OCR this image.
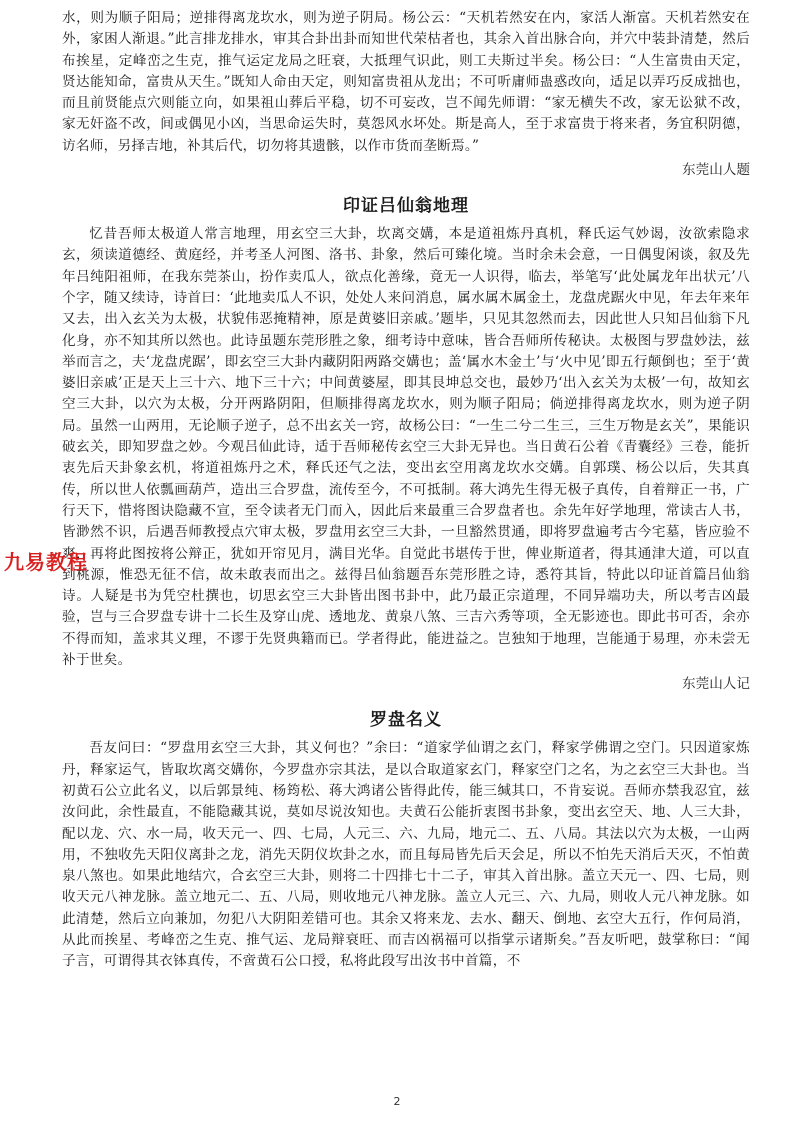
水，则为顺子阳局；逆排得离龙坎水，则为逆子阴局。杨公云：“天机若然安在内，家活人渐富。天机若然安在外，家困人渐退。”此言排龙排水，审其合卦出卦而知世代荣枯者也，其余入首出脉合向，并穴中装卦清楚，然后布挨星，定峰峦之生克，推气运定龙局之旺衰，大抵理气识此，则工夫斯过半矣。杨公曰：“人生富贵由天定，贤达能知命，富贵从天生。”既知人命由天定，则知富贵祖从龙出；不可听庸师蛊惑改向，适足以弄巧反成拙也，而且前贤能点穴则能立向，如果祖山葬后平稳，切不可妄改，岂不闻先师谓：“家无横失不改，家无讼狱不改，家无奸盗不改，间或偶见小凶，当思命运失时，莫怨风水坏处。斯是高人，至于求富贵于将来者，务宜积阴德，访名师，另择吉地，补其后代，切勿将其遗骸，以作市货而垄断焉。”

东莞山人题

印证吕仙翁地理

忆昔吾师太极道人常言地理，用玄空三大卦，坎离交媾，本是道祖炼丹真机，释氏运气妙谒，汝欲索隐求玄，须读道德经、黄庭经，并考圣人河图、洛书、卦象，然后可臻化境。当时余未会意，一日偶叟闲谈，叙及先年吕纯阳祖师，在我东莞茶山，扮作卖瓜人，欲点化善缘，竟无一人识得，临去，举笔写‘此处属龙年出状元’八个字，随又续诗，诗首曰：‘此地卖瓜人不识，处处人来问消息，属水属木属金土，龙盘虎踞火中见，年去年来年又去，出入玄关为太极，状貌伟恶掩精神，原是黄婆旧亲戚。’题毕，只见其忽然而去，因此世人只知吕仙翁下凡化身，亦不知其所以然也。此诗虽题东莞形胜之象，细考诗中意味，皆合吾师所传秘诀。太极图与罗盘妙法，兹举而言之，夫‘龙盘虎踞’，即玄空三大卦内藏阴阳两路交媾也；盖‘属水木金土’与‘火中见’即五行颠倒也；至于‘黄婆旧亲戚’正是天上三十六、地下三十六；中间黄婆屋，即其艮坤总交也，最妙乃‘出入玄关为太极’一句，故知玄空三大卦，以穴为太极，分开两路阴阳，但顺排得离龙坎水，则为顺子阳局；倘逆排得离龙坎水，则为逆子阴局。虽然一山两用，无论顺子逆子，总不出玄关一窍，故杨公曰：“一生二兮二生三，三生万物是玄关”，果能识破玄关，即知罗盘之妙。今观吕仙此诗，适于吾师秘传玄空三大卦无异也。当日黄石公着《青囊经》三卷，能折衷先后天卦象玄机，将道祖炼丹之术，释氏还气之法，变出玄空用离龙坎水交媾。自郭璞、杨公以后，失其真传，所以世人依瓢画葫芦，造出三合罗盘，流传至今，不可抵制。蒋大鸿先生得无极子真传，自着辩正一书，广行天下，惜将图诀隐藏不宣，至令读者无门而入，因此后来最重三合罗盘者也。余先年好学地理，常读古人书，皆渺然不识，后遇吾师教授点穴审太极，罗盘用玄空三大卦，一旦豁然贯通，即将罗盘遍考古今宅墓，皆应验不爽，再将此图按将公辩正，犹如开帘见月，满目光华。自觉此书堪传于世，俾业斯道者，得其通津大道，可以直到桃源，惟恐无征不信，故未敢表而出之。兹得吕仙翁题吾东莞形胜之诗，悉符其旨，特此以印证首篇吕仙翁诗。人疑是书为凭空杜撰也，切思玄空三大卦皆出图书卦中，此乃最正宗道理，不同异端功夫，所以考吉凶最验，岂与三合罗盘专讲十二长生及穿山虎、透地龙、黄泉八煞、三吉六秀等项，全无影迹也。即此书可否，余亦不得而知，盖求其义理，不谬于先贤典籍而已。学者得此，能进益之。岂独知于地理，岂能通于易理，亦未尝无补于世矣。

东莞山人记

罗盘名义

吾友问曰：“罗盘用玄空三大卦，其义何也？”余曰：“道家学仙谓之玄门，释家学佛谓之空门。只因道家炼丹，释家运气，皆取坎离交媾你，今罗盘亦宗其法，是以合取道家玄门，释家空门之名，为之玄空三大卦也。当初黄石公立此名义，以后郭景纯、杨筠松、蒋大鸿诸公皆得此传，能三缄其口，不肯妄说。吾师亦禁我忍宜，兹汝问此，余性最直，不能隐藏其说，莫如尽说汝知也。夫黄石公能折衷图书卦象，变出玄空天、地、人三大卦，配以龙、穴、水一局，收天元一、四、七局，人元三、六、九局，地元二、五、八局。其法以穴为太极，一山两用，不独收先天阳仪离卦之龙，消先天阴仪坎卦之水，而且每局皆先后天会足，所以不怕先天消后天灭，不怕黄泉八煞也。如果此地结穴，合玄空三大卦，则将二十四排七十二子，审其入首出脉。盖立天元一、四、七局，则收天元八神龙脉。盖立地元二、五、八局，则收地元八神龙脉。盖立人元三、六、九局，则收人元八神龙脉。如此清楚，然后立向兼加，勿犯八大阴阳差错可也。其余又将来龙、去水、翻天、倒地、玄空大五行，作何局消，从此而挨星、考峰峦之生克、推气运、龙局辩衰旺、而吉凶祸福可以指掌示诸斯矣。”吾友听吧，鼓掌称曰：“闻子言，可谓得其衣钵真传，不啻黄石公口授，私将此段写出汝书中首篇，不

九易教程
2
